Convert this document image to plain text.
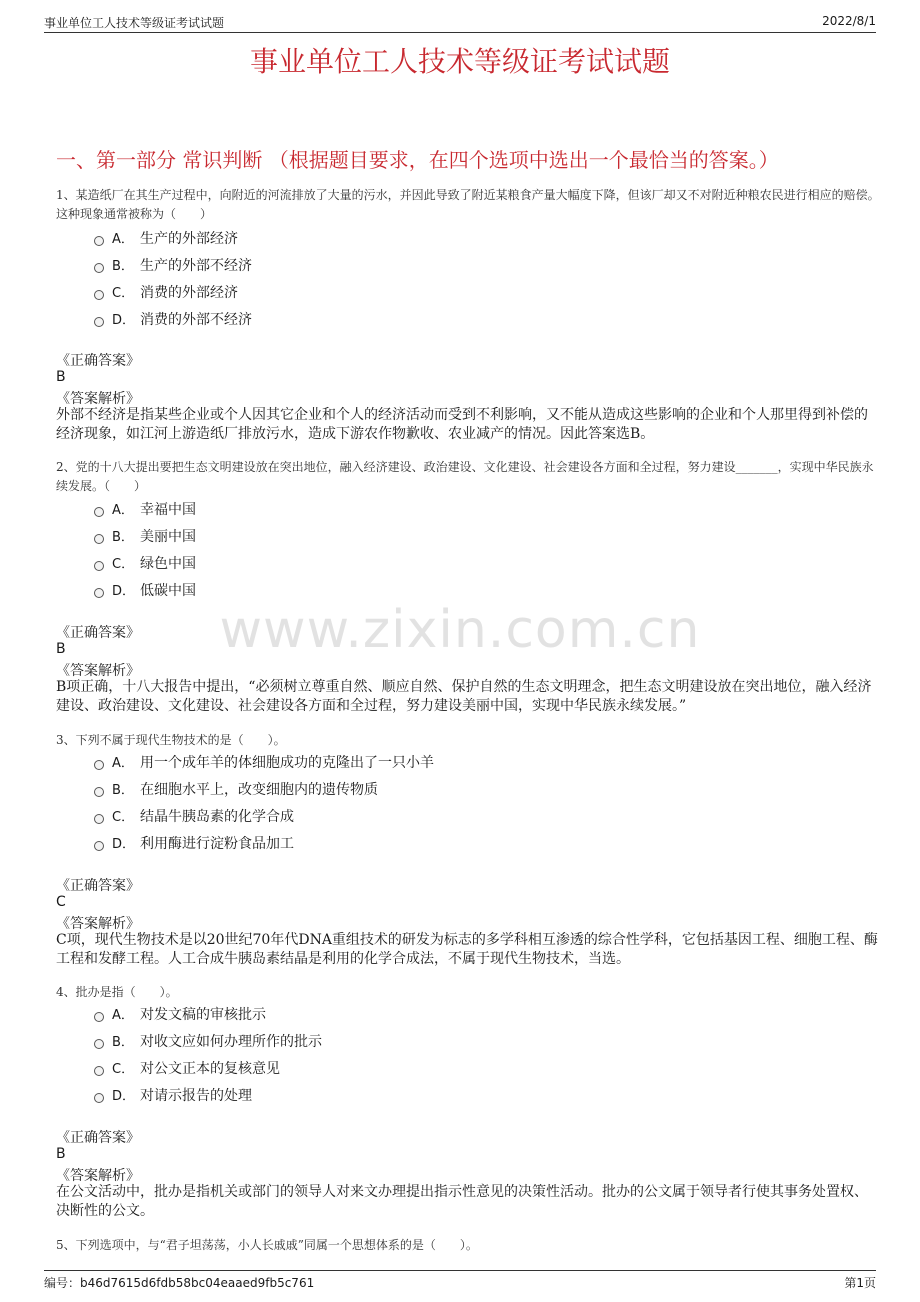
事业单位工人技术等级证考试试题	2022/8/1
事业单位工人技术等级证考试试题
一、第一部分 常识判断 （根据题目要求，在四个选项中选出一个最恰当的答案。）
www.zixin.com.cn
1、某造纸厂在其生产过程中，向附近的河流排放了大量的污水，并因此导致了附近某粮食产量大幅度下降，但该厂却又不对附近种粮农民进行相应的赔偿。这种现象通常被称为（　　）
A． 生产的外部经济
B． 生产的外部不经济
C． 消费的外部经济
D． 消费的外部不经济
《正确答案》
B
《答案解析》
外部不经济是指某些企业或个人因其它企业和个人的经济活动而受到不利影响，又不能从造成这些影响的企业和个人那里得到补偿的经济现象，如江河上游造纸厂排放污水，造成下游农作物歉收、农业减产的情况。因此答案选B。
2、党的十八大提出要把生态文明建设放在突出地位，融入经济建设、政治建设、文化建设、社会建设各方面和全过程，努力建设_______，实现中华民族永续发展。（　　）
A． 幸福中国
B． 美丽中国
C． 绿色中国
D． 低碳中国
《正确答案》
B
《答案解析》
B项正确，十八大报告中提出，“必须树立尊重自然、顺应自然、保护自然的生态文明理念，把生态文明建设放在突出地位，融入经济建设、政治建设、文化建设、社会建设各方面和全过程，努力建设美丽中国，实现中华民族永续发展。”
3、下列不属于现代生物技术的是（　　）。
A． 用一个成年羊的体细胞成功的克隆出了一只小羊
B． 在细胞水平上，改变细胞内的遗传物质
C． 结晶牛胰岛素的化学合成
D． 利用酶进行淀粉食品加工
《正确答案》
C
《答案解析》
C项，现代生物技术是以20世纪70年代DNA重组技术的研发为标志的多学科相互渗透的综合性学科，它包括基因工程、细胞工程、酶工程和发酵工程。人工合成牛胰岛素结晶是利用的化学合成法，不属于现代生物技术，当选。
4、批办是指（　　）。
A． 对发文稿的审核批示
B． 对收文应如何办理所作的批示
C． 对公文正本的复核意见
D． 对请示报告的处理
《正确答案》
B
《答案解析》
在公文活动中，批办是指机关或部门的领导人对来文办理提出指示性意见的决策性活动。批办的公文属于领导者行使其事务处置权、决断性的公文。
5、下列选项中，与“君子坦荡荡，小人长戚戚”同属一个思想体系的是（　　）。
编号：b46d7615d6fdb58bc04eaaed9fb5c761	第1页
